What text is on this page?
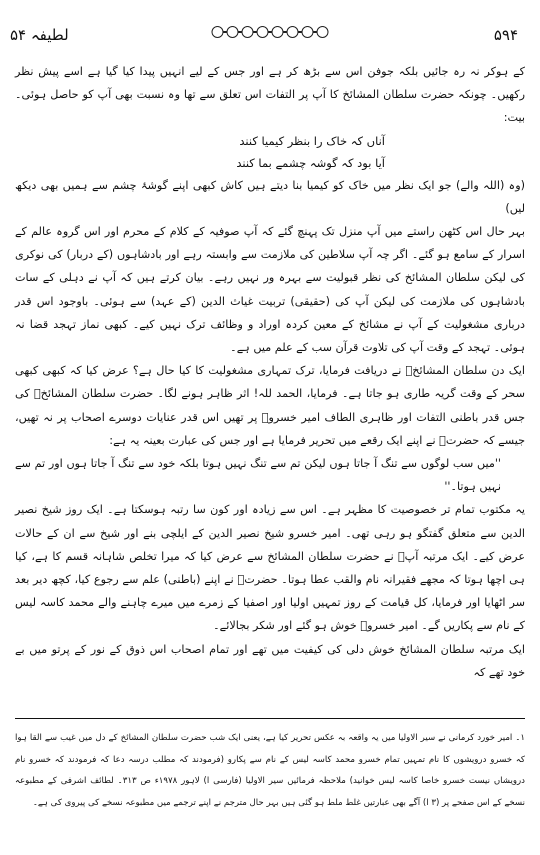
لطیفہ ۵۴	۵۹۴

کے ہوکر نہ رہ جائیں بلکہ جوفن اس سے بڑھ کر ہے اور جس کے لیے انہیں پیدا کیا گیا ہے اسے پیش نظر رکھیں۔ چونکہ حضرت سلطان المشائخ کا آپ پر التفات اس تعلق سے تھا وہ نسبت بھی آپ کو حاصل ہوئی۔ بیت:

آناں کہ خاک را بنظر کیمیا کنند
آیا بود کہ گوشہ چشمے بما کنند

(وہ (اللہ والے) جو ایک نظر میں خاک کو کیمیا بنا دیتے ہیں کاش کبھی اپنے گوشۂ چشم سے ہمیں بھی دیکھ لیں)

بہر حال اس کٹھن راستے میں آپ منزل تک پہنچ گئے کہ آپ صوفیہ کے کلام کے محرم اور اس گروہ عالم کے اسرار کے سامع ہو گئے۔ اگر چہ آپ سلاطین کی ملازمت سے وابستہ رہے اور بادشاہوں (کے دربار) کی نوکری کی لیکن سلطان المشائخ کی نظر قبولیت سے بہرہ ور نہیں رہے۔ بیان کرتے ہیں کہ آپ نے دہلی کے سات بادشاہوں کی ملازمت کی لیکن آپ کی (حقیقی) تربیت غیاث الدین (کے عہد) سے ہوئی۔ باوجود اس قدر درباری مشغولیت کے آپ نے مشائخ کے معین کردہ اوراد و وظائف ترک نہیں کیے۔ کبھی نماز تہجد قضا نہ ہوئی۔ تہجد کے وقت آپ کی تلاوت قرآن سب کے علم میں ہے۔

ایک دن سلطان المشائخؒ نے دریافت فرمایا، ترک تمہاری مشغولیت کا کیا حال ہے؟ عرض کیا کہ کبھی کبھی سحر کے وقت گریہ طاری ہو جاتا ہے۔ فرمایا، الحمد للہ! اثر ظاہر ہونے لگا۔ حضرت سلطان المشائخؒ کی جس قدر باطنی التفات اور ظاہری الطاف امیر خسروؒ پر تھیں اس قدر عنایات دوسرے اصحاب پر نہ تھیں، جیسے کہ حضرتؒ نے اپنے ایک رقعے میں تحریر فرمایا ہے اور جس کی عبارت بعینہ یہ ہے:

''میں سب لوگوں سے تنگ آ جاتا ہوں لیکن تم سے تنگ نہیں ہوتا بلکہ خود سے تنگ آ جاتا ہوں اور تم سے نہیں ہوتا۔''

یہ مکتوب تمام تر خصوصیت کا مظہر ہے۔ اس سے زیادہ اور کون سا رتبہ ہوسکتا ہے۔ ایک روز شیخ نصیر الدین سے متعلق گفتگو ہو رہی تھی۔ امیر خسرو شیخ نصیر الدین کے ایلچی بنے اور شیخ سے ان کے حالات عرض کیے۔ ایک مرتبہ آپؒ نے حضرت سلطان المشائخ سے عرض کیا کہ میرا تخلص شاہانہ قسم کا ہے، کیا ہی اچھا ہوتا کہ مجھے فقیرانہ نام والقب عطا ہوتا۔ حضرتؒ نے اپنے (باطنی) علم سے رجوع کیا، کچھ دیر بعد سر اٹھایا اور فرمایا، کل قیامت کے روز تمہیں اولیا اور اصفیا کے زمرے میں میرے چاہنے والے محمد کاسہ لیس کے نام سے پکاریں گے۔ امیر خسروؒ خوش ہو گئے اور شکر بجالائے۔

ایک مرتبہ سلطان المشائخ خوش دلی کی کیفیت میں تھے اور تمام اصحاب اس ذوق کے نور کے پرتو میں بے خود تھے کہ

۱۔ امیر خورد کرمانی نے سیر الاولیا میں یہ واقعہ بہ عکس تحریر کیا ہے، یعنی ایک شب حضرت سلطان المشائخ کے دل میں غیب سے القا ہوا کہ خسرو درویشوں کا نام تمہیں تمام خسرو محمد کاسہ لیس کے نام سے پکارو (فرمودند کہ مطلب درسہ دعا کہ فرمودند کہ خسرو نام درویشاں نیست خسرو خاصا کاسہ لیس خوانید) ملاحظہ فرمائیں سیر الاولیا (فارسی ا) لاہور ۱۹۷۸ء ص ۳۱۳۔ لطائف اشرفی کے مطبوعہ نسخے کے اس صفحے پر (۳ ا) آگے بھی عبارتیں غلط ملط ہو گئی ہیں بہر حال مترجم نے اپنے ترجمے میں مطبوعہ نسخے کی پیروی کی ہے۔
